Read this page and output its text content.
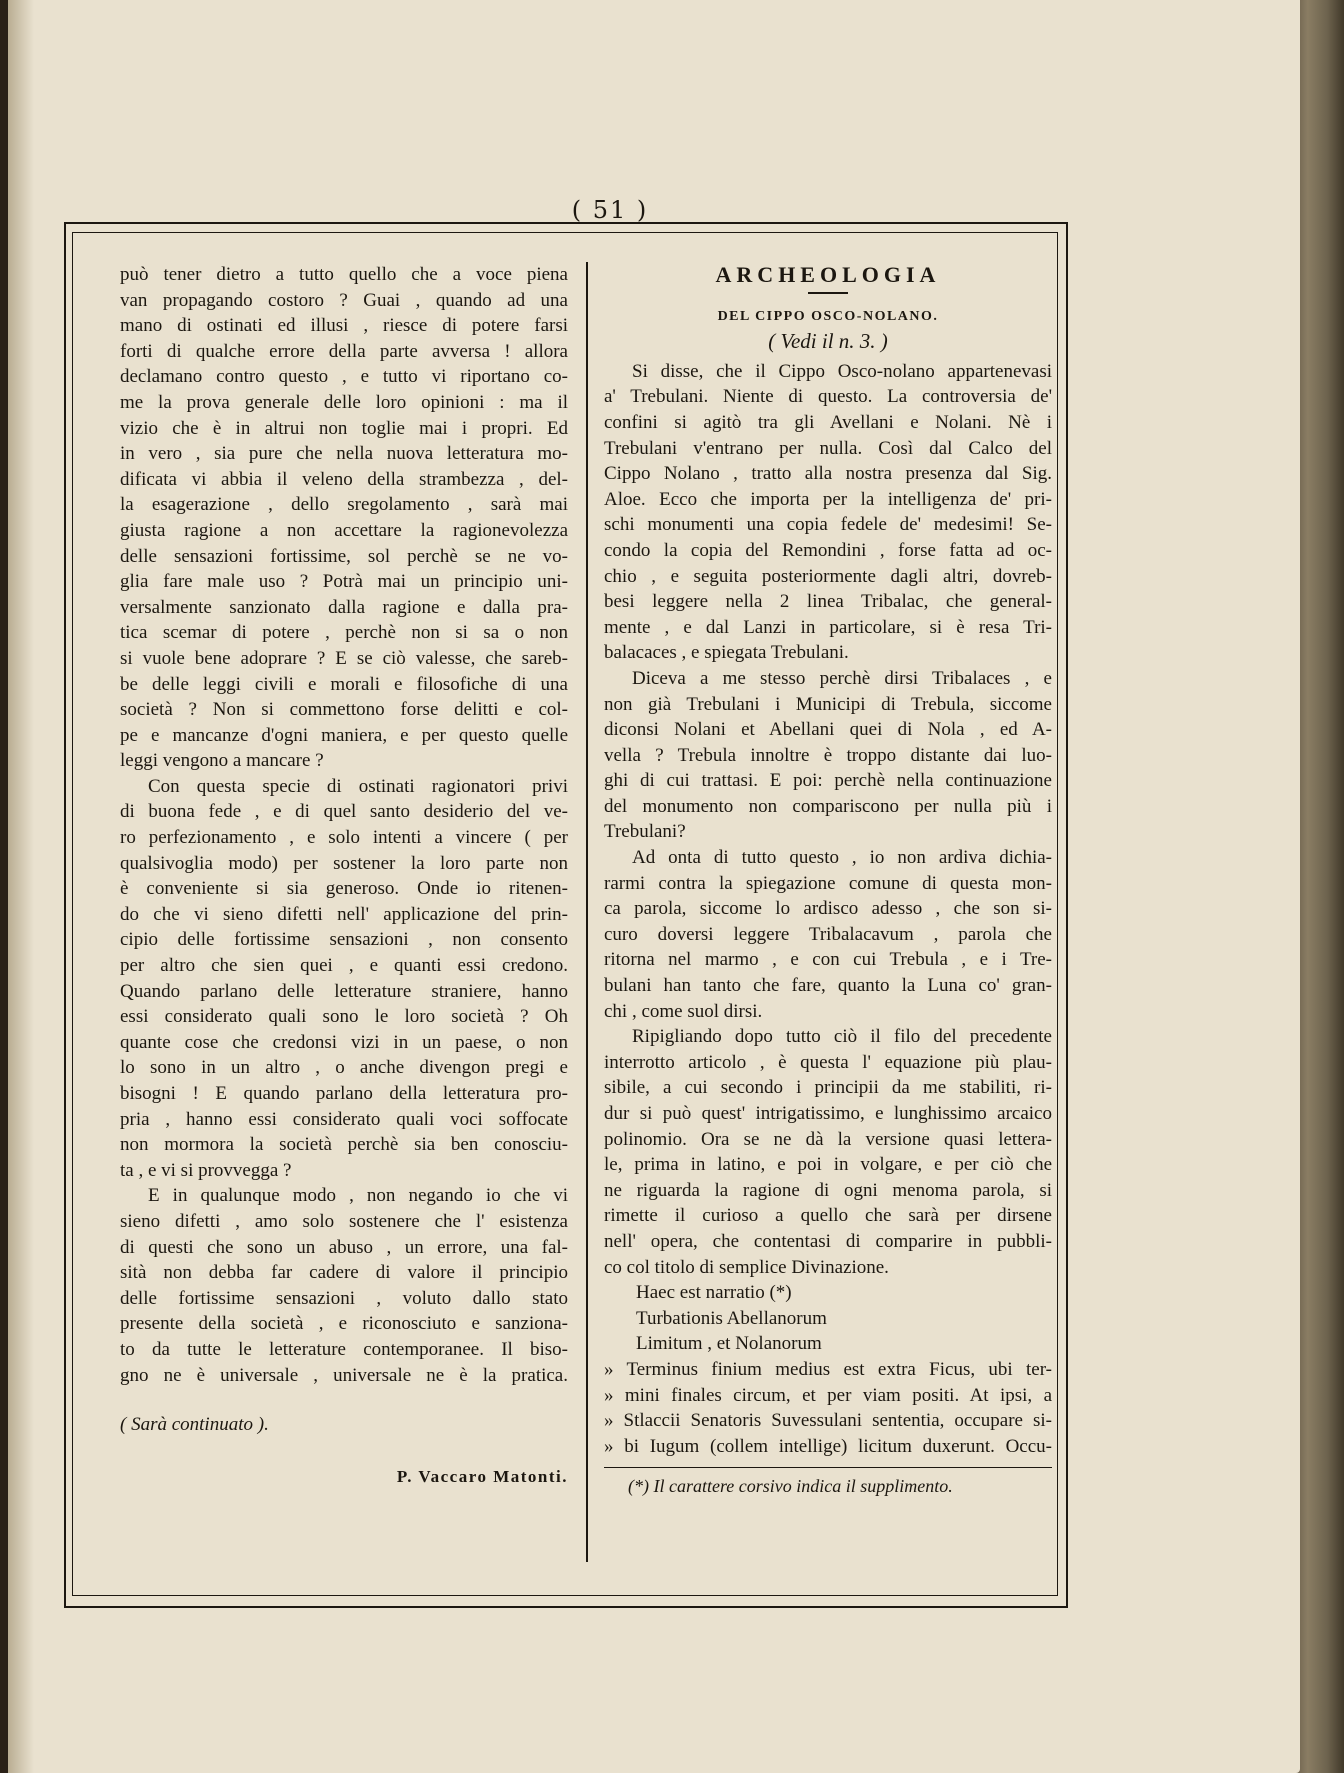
( 51 )
può tener dietro a tutto quello che a voce piena
van propagando costoro ? Guai , quando ad una
mano di ostinati ed illusi , riesce di potere farsi
forti di qualche errore della parte avversa ! allora
declamano contro questo , e tutto vi riportano co-
me la prova generale delle loro opinioni : ma il
vizio che è in altrui non toglie mai i propri. Ed
in vero , sia pure che nella nuova letteratura mo-
dificata vi abbia il veleno della strambezza , del-
la esagerazione , dello sregolamento , sarà mai
giusta ragione a non accettare la ragionevolezza
delle sensazioni fortissime, sol perchè se ne vo-
glia fare male uso ? Potrà mai un principio uni-
versalmente sanzionato dalla ragione e dalla pra-
tica scemar di potere , perchè non si sa o non
si vuole bene adoprare ? E se ciò valesse, che sareb-
be delle leggi civili e morali e filosofiche di una
società ? Non si commettono forse delitti e col-
pe e mancanze d'ogni maniera, e per questo quelle
leggi vengono a mancare ?
Con questa specie di ostinati ragionatori privi
di buona fede , e di quel santo desiderio del ve-
ro perfezionamento , e solo intenti a vincere ( per
qualsivoglia modo) per sostener la loro parte non
è conveniente si sia generoso. Onde io ritenen-
do che vi sieno difetti nell' applicazione del prin-
cipio delle fortissime sensazioni , non consento
per altro che sien quei , e quanti essi credono.
Quando parlano delle letterature straniere, hanno
essi considerato quali sono le loro società ? Oh
quante cose che credonsi vizi in un paese, o non
lo sono in un altro , o anche divengon pregi e
bisogni ! E quando parlano della letteratura pro-
pria , hanno essi considerato quali voci soffocate
non mormora la società perchè sia ben conosciu-
ta , e vi si provvegga ?
E in qualunque modo , non negando io che vi
sieno difetti , amo solo sostenere che l' esistenza
di questi che sono un abuso , un errore, una fal-
sità non debba far cadere di valore il principio
delle fortissime sensazioni , voluto dallo stato
presente della società , e riconosciuto e sanziona-
to da tutte le letterature contemporanee. Il biso-
gno ne è universale , universale ne è la pratica.
( Sarà continuato ).
P. Vaccaro Matonti.
ARCHEOLOGIA
DEL CIPPO OSCO-NOLANO.
( Vedi il n. 3. )
Si disse, che il Cippo Osco-nolano appartenevasi
a' Trebulani. Niente di questo. La controversia de'
confini si agitò tra gli Avellani e Nolani. Nè i
Trebulani v'entrano per nulla. Così dal Calco del
Cippo Nolano , tratto alla nostra presenza dal Sig.
Aloe. Ecco che importa per la intelligenza de' pri-
schi monumenti una copia fedele de' medesimi! Se-
condo la copia del Remondini , forse fatta ad oc-
chio , e seguita posteriormente dagli altri, dovreb-
besi leggere nella 2 linea Tribalac, che general-
mente , e dal Lanzi in particolare, si è resa Tri-
balacaces , e spiegata Trebulani.
Diceva a me stesso perchè dirsi Tribalaces , e
non già Trebulani i Municipi di Trebula, siccome
diconsi Nolani et Abellani quei di Nola , ed A-
vella ? Trebula innoltre è troppo distante dai luo-
ghi di cui trattasi. E poi: perchè nella continuazione
del monumento non compariscono per nulla più i
Trebulani?
Ad onta di tutto questo , io non ardiva dichia-
rarmi contra la spiegazione comune di questa mon-
ca parola, siccome lo ardisco adesso , che son si-
curo doversi leggere Tribalacavum , parola che
ritorna nel marmo , e con cui Trebula , e i Tre-
bulani han tanto che fare, quanto la Luna co' gran-
chi , come suol dirsi.
Ripigliando dopo tutto ciò il filo del precedente
interrotto articolo , è questa l' equazione più plau-
sibile, a cui secondo i principii da me stabiliti, ri-
dur si può quest' intrigatissimo, e lunghissimo arcaico
polinomio. Ora se ne dà la versione quasi lettera-
le, prima in latino, e poi in volgare, e per ciò che
ne riguarda la ragione di ogni menoma parola, si
rimette il curioso a quello che sarà per dirsene
nell' opera, che contentasi di comparire in pubbli-
co col titolo di semplice Divinazione.
Haec est narratio (*)
Turbationis Abellanorum
Limitum , et Nolanorum
» Terminus finium medius est extra Ficus, ubi ter-
» mini finales circum, et per viam positi. At ipsi, a
» Stlaccii Senatoris Suvessulani sententia, occupare si-
» bi Iugum (collem intellige) licitum duxerunt. Occu-
(*) Il carattere corsivo indica il supplimento.
